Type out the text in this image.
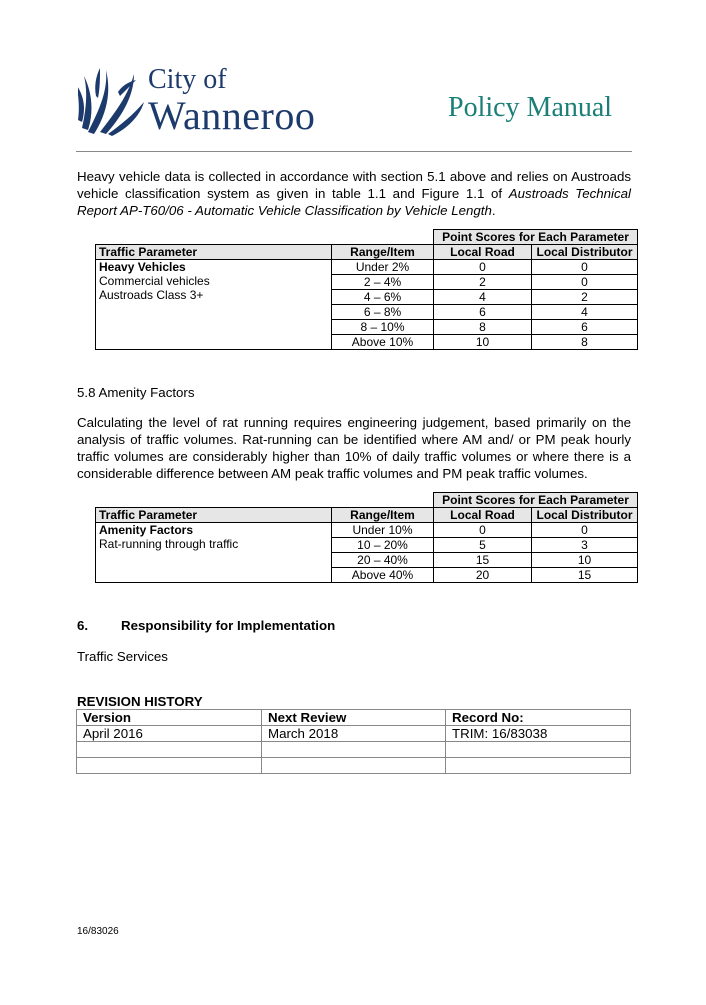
City of
Wanneroo	Policy Manual
Heavy vehicle data is collected in accordance with section 5.1 above and relies on Austroads vehicle classification system as given in table 1.1 and Figure 1.1 of Austroads Technical Report AP-T60/06 - Automatic Vehicle Classification by Vehicle Length.
		Point Scores for Each Parameter	
Traffic Parameter	Range/Item	Local Road	Local Distributor

Heavy Vehicles
Commercial vehicles
Austroads Class 3+	Under 2%	0	0
	2 – 4%	2	0
	4 – 6%	4	2
	6 – 8%	6	4
	8 – 10%	8	6
	Above 10%	10	8
5.8 Amenity Factors
Calculating the level of rat running requires engineering judgement, based primarily on the analysis of traffic volumes. Rat-running can be identified where AM and/ or PM peak hourly traffic volumes are considerably higher than 10% of daily traffic volumes or where there is a considerable difference between AM peak traffic volumes and PM peak traffic volumes.
		Point Scores for Each Parameter	
Traffic Parameter	Range/Item	Local Road	Local Distributor

Amenity Factors
Rat-running through traffic	Under 10%	0	0
	10 – 20%	5	3
	20 – 40%	15	10
	Above 40%	20	15
6. Responsibility for Implementation
Traffic Services
REVISION HISTORY
Version	Next Review	Record No:
April 2016	March 2018	TRIM: 16/83038

16/83026
